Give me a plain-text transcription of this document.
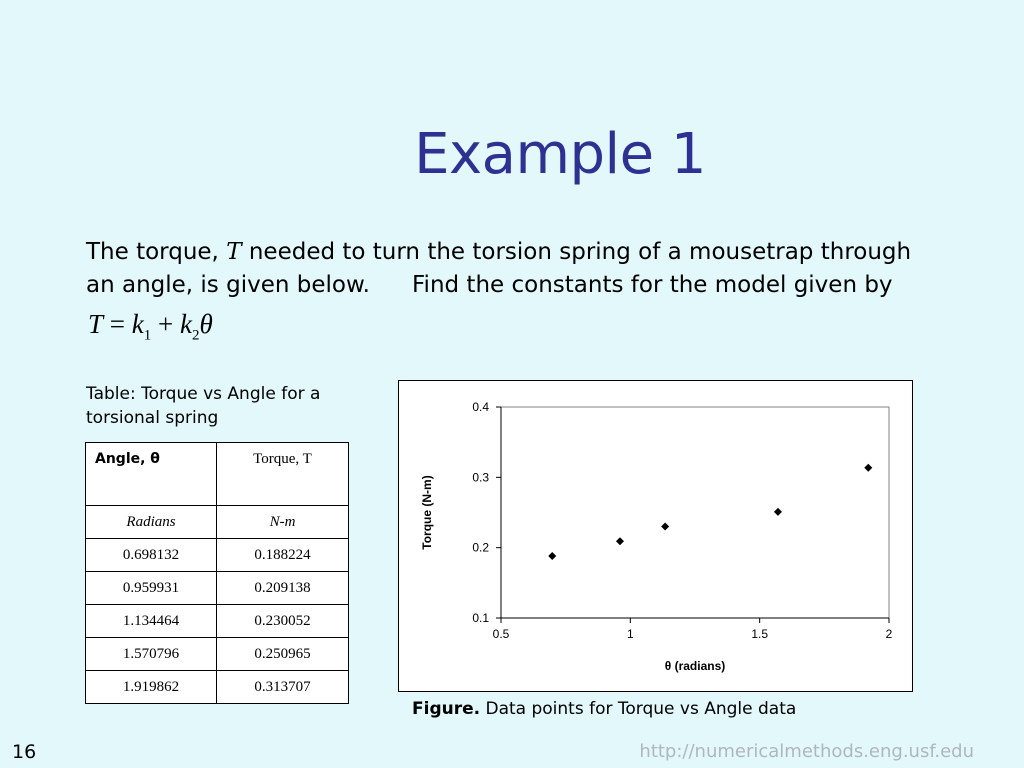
Example 1
The torque, T needed to turn the torsion spring of a mousetrap through
an angle, is given below.	Find the constants for the model given by
$T = k_1 + k_2\theta$
Table: Torque vs Angle for a torsional spring
Angle, θ	Torque, T
Radians	N-m
0.698132	0.188224
0.959931	0.209138
1.134464	0.230052
1.570796	0.250965
1.919862	0.313707
0.1
0.2
0.3
0.4
0.5	1	1.5	2
θ (radians)
Torque (N-m)
Figure. Data points for Torque vs Angle data
16	http://numericalmethods.eng.usf.edu
